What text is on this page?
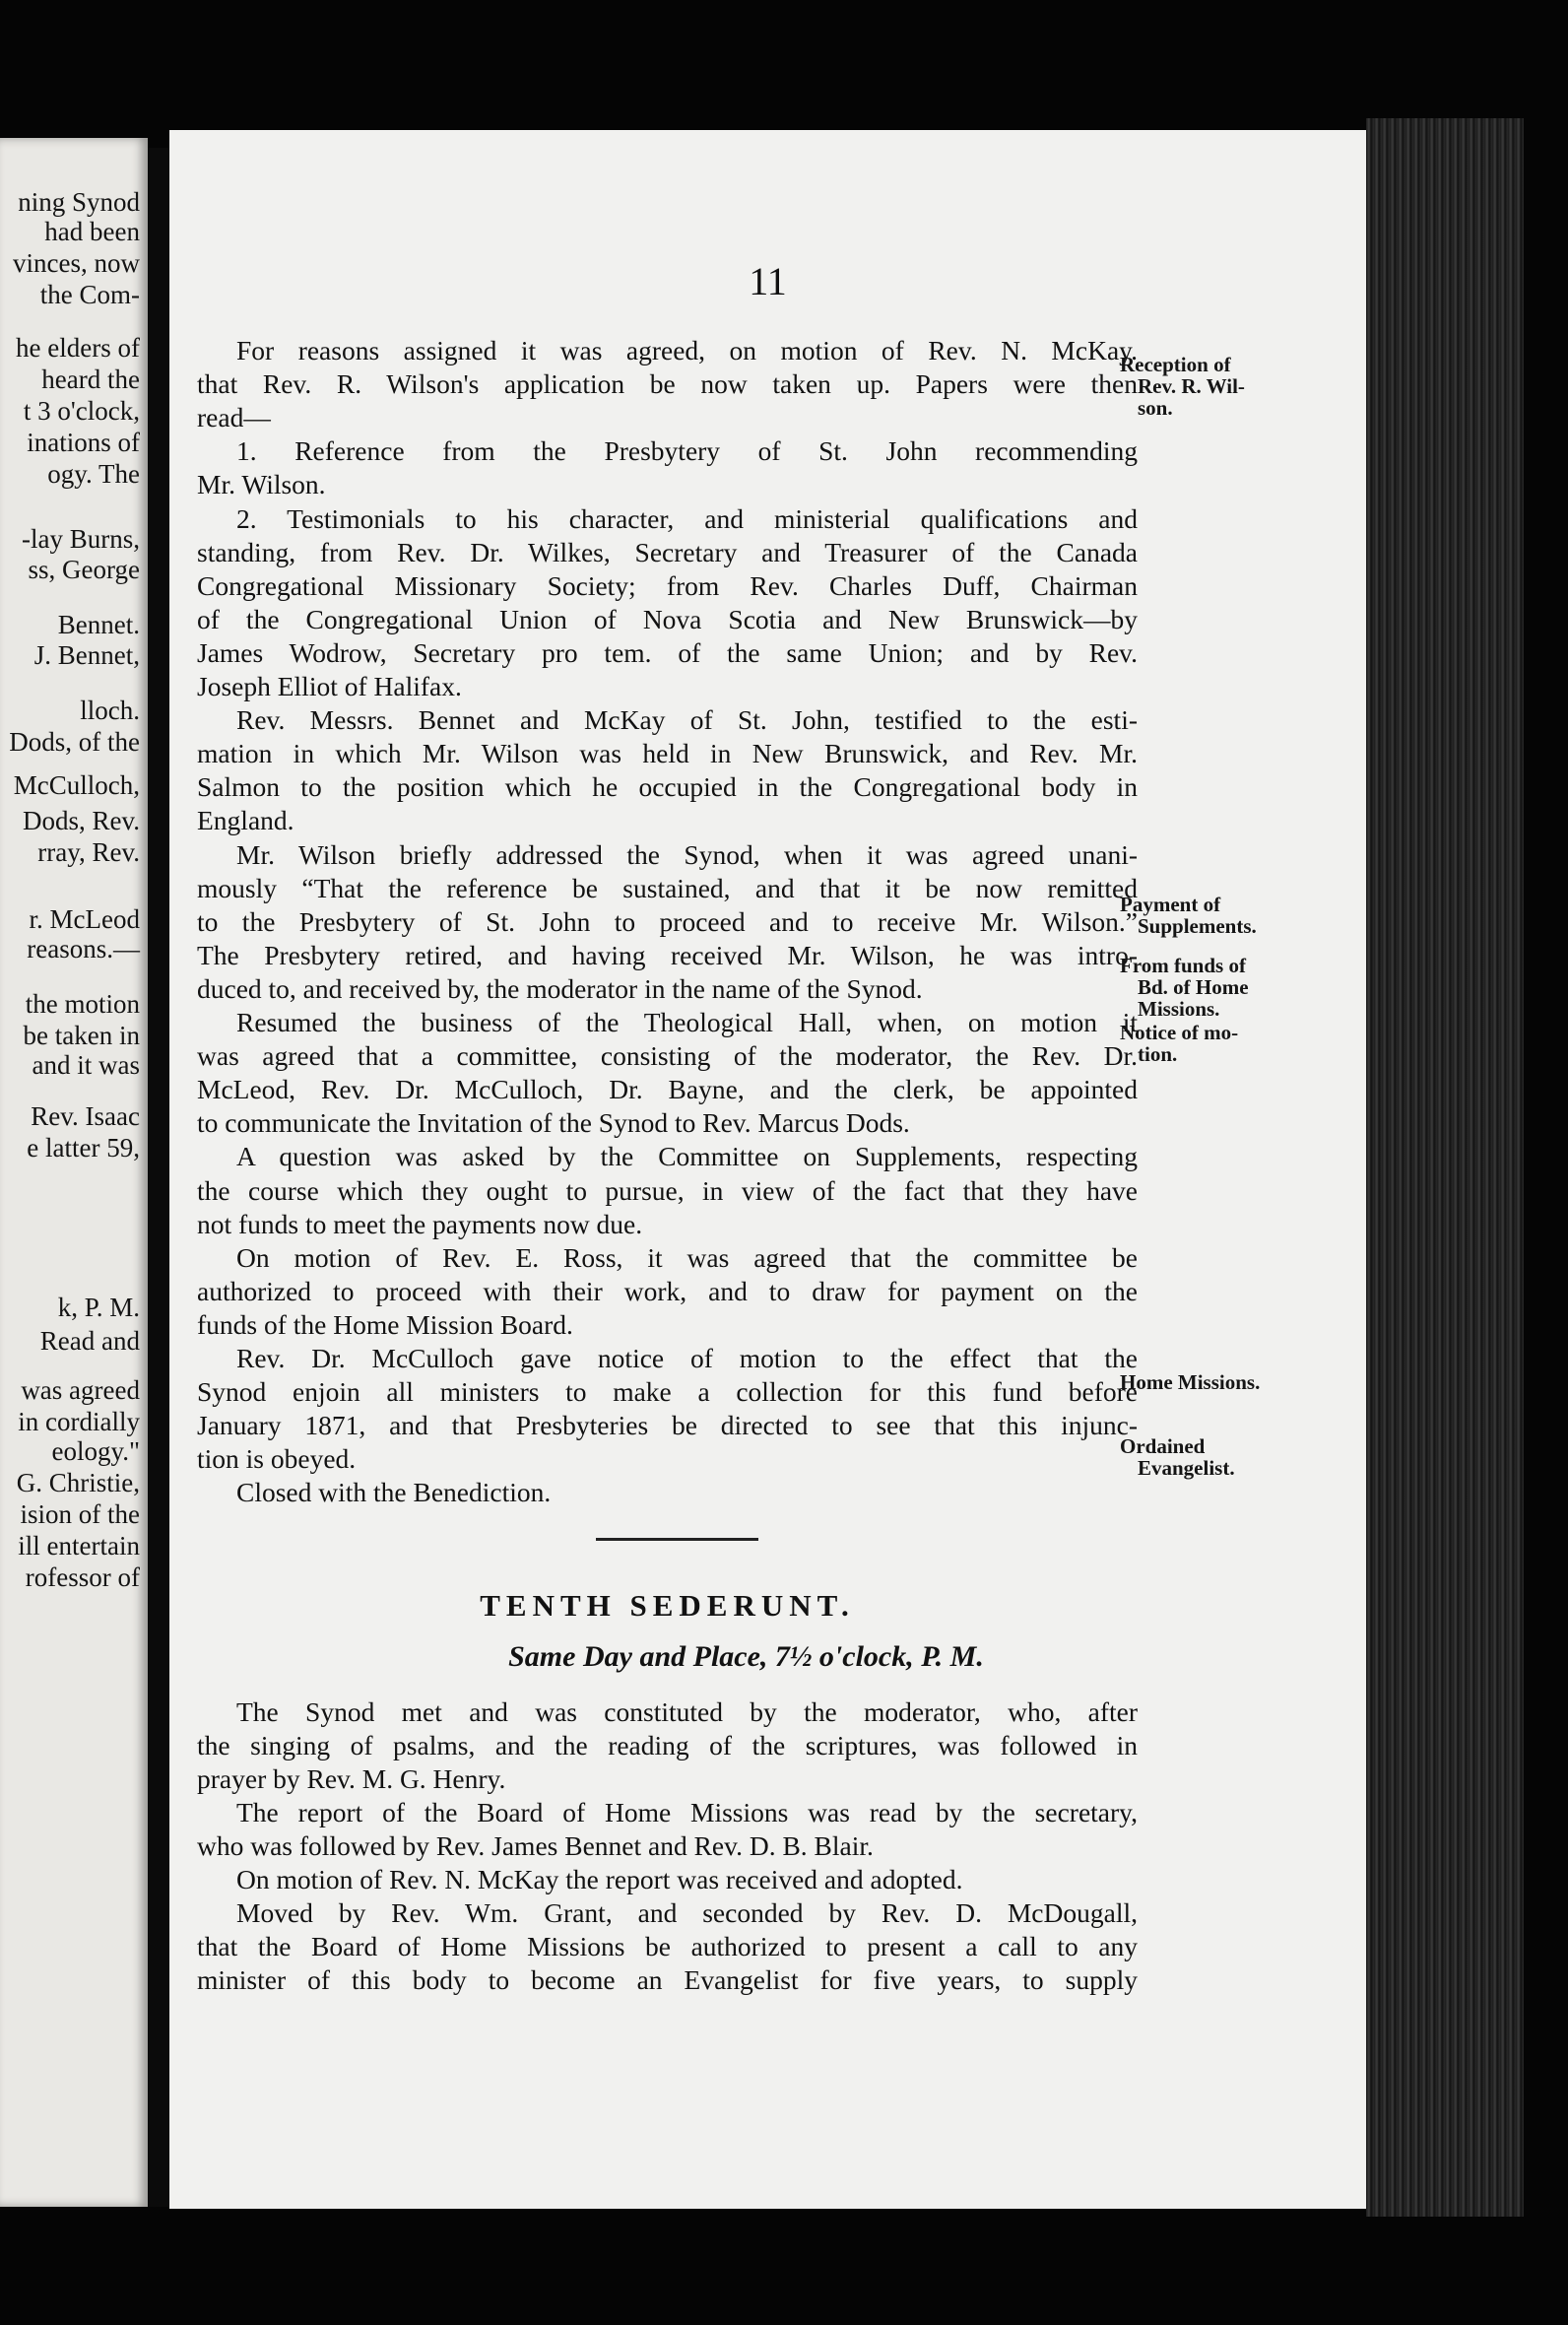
ning Synod
had been
vinces, now
the Com-
he elders of
heard the
t 3 o'clock,
inations of
ogy. The
-lay Burns,
ss, George
Bennet.
J. Bennet,
lloch.
Dods, of the
McCulloch,
Dods, Rev.
rray, Rev.
r. McLeod
reasons.—
the motion
be taken in
and it was
Rev. Isaac
e latter 59,
k, P. M.
Read and
was agreed
in cordially
eology."
G. Christie,
ision of the
ill entertain
rofessor of
11
For reasons assigned it was agreed, on motion of Rev. N. McKay.
that Rev. R. Wilson's application be now taken up. Papers were then
read—
1. Reference from the Presbytery of St. John recommending
Mr. Wilson.
2. Testimonials to his character, and ministerial qualifications and
standing, from Rev. Dr. Wilkes, Secretary and Treasurer of the Canada
Congregational Missionary Society; from Rev. Charles Duff, Chairman
of the Congregational Union of Nova Scotia and New Brunswick—by
James Wodrow, Secretary pro tem. of the same Union; and by Rev.
Joseph Elliot of Halifax.
Rev. Messrs. Bennet and McKay of St. John, testified to the esti-
mation in which Mr. Wilson was held in New Brunswick, and Rev. Mr.
Salmon to the position which he occupied in the Congregational body in
England.
Mr. Wilson briefly addressed the Synod, when it was agreed unani-
mously “That the reference be sustained, and that it be now remitted
to the Presbytery of St. John to proceed and to receive Mr. Wilson.”
The Presbytery retired, and having received Mr. Wilson, he was intro-
duced to, and received by, the moderator in the name of the Synod.
Resumed the business of the Theological Hall, when, on motion it
was agreed that a committee, consisting of the moderator, the Rev. Dr.
McLeod, Rev. Dr. McCulloch, Dr. Bayne, and the clerk, be appointed
to communicate the Invitation of the Synod to Rev. Marcus Dods.
A question was asked by the Committee on Supplements, respecting
the course which they ought to pursue, in view of the fact that they have
not funds to meet the payments now due.
On motion of Rev. E. Ross, it was agreed that the committee be
authorized to proceed with their work, and to draw for payment on the
funds of the Home Mission Board.
Rev. Dr. McCulloch gave notice of motion to the effect that the
Synod enjoin all ministers to make a collection for this fund before
January 1871, and that Presbyteries be directed to see that this injunc-
tion is obeyed.
Closed with the Benediction.
TENTH SEDERUNT.
Same Day and Place, 7½ o'clock, P. M.
The Synod met and was constituted by the moderator, who, after
the singing of psalms, and the reading of the scriptures, was followed in
prayer by Rev. M. G. Henry.
The report of the Board of Home Missions was read by the secretary,
who was followed by Rev. James Bennet and Rev. D. B. Blair.
On motion of Rev. N. McKay the report was received and adopted.
Moved by Rev. Wm. Grant, and seconded by Rev. D. McDougall,
that the Board of Home Missions be authorized to present a call to any
minister of this body to become an Evangelist for five years, to supply
Reception of
Rev. R. Wil-
son.
Payment of
Supplements.
From funds of
Bd. of Home
Missions.
Notice of mo-
tion.
Home Missions.
Ordained
Evangelist.
